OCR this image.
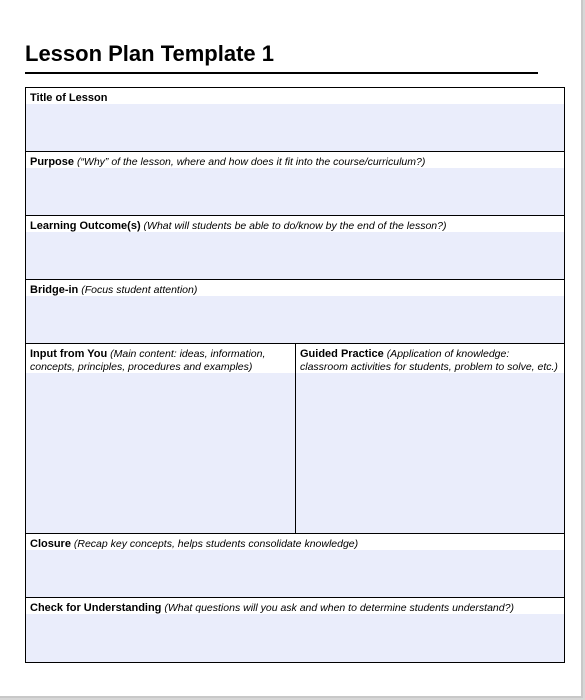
Lesson Plan Template 1
Title of Lesson
Purpose (“Why” of the lesson, where and how does it fit into the course/curriculum?)
Learning Outcome(s) (What will students be able to do/know by the end of the lesson?)
Bridge-in (Focus student attention)
Input from You (Main content: ideas, information, concepts, principles, procedures and examples)
Guided Practice (Application of knowledge: classroom activities for students, problem to solve, etc.)
Closure (Recap key concepts, helps students consolidate knowledge)
Check for Understanding (What questions will you ask and when to determine students understand?)
